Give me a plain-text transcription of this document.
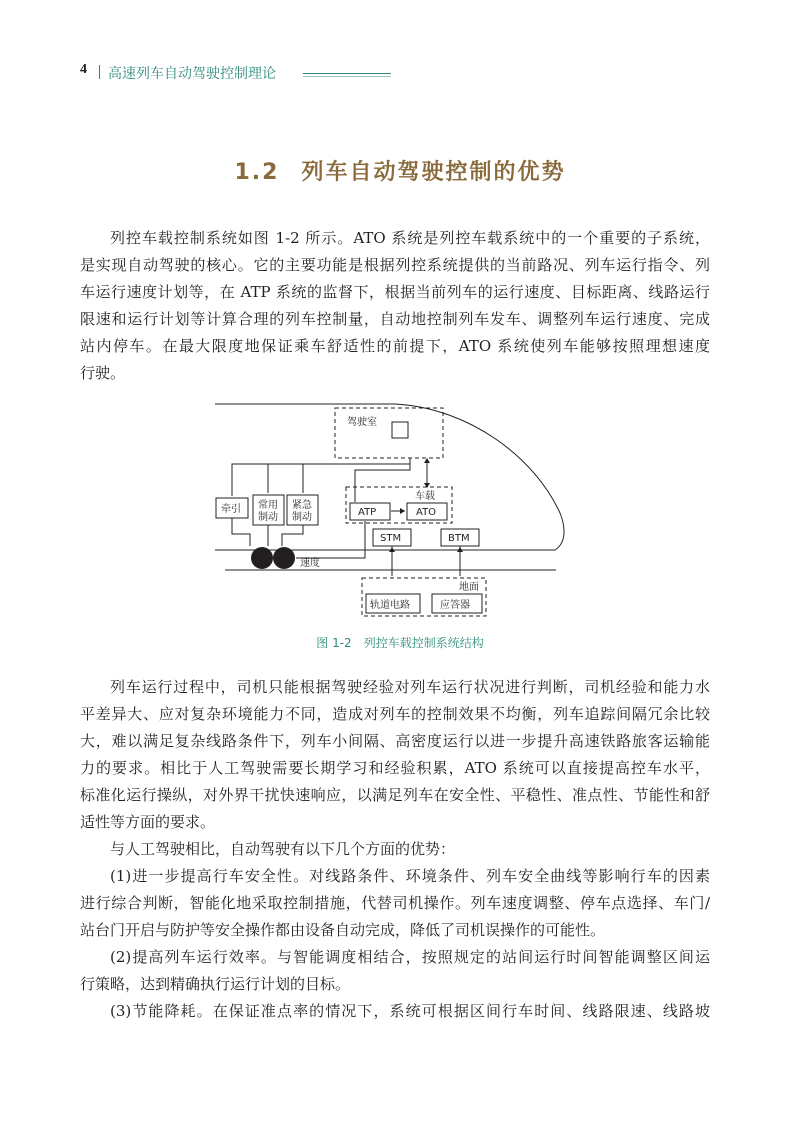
4 高速列车自动驾驶控制理论
1.2 列车自动驾驶控制的优势
列控车载控制系统如图 1-2 所示。ATO 系统是列控车载系统中的一个重要的子系统，
是实现自动驾驶的核心。它的主要功能是根据列控系统提供的当前路况、列车运行指令、列
车运行速度计划等，在 ATP 系统的监督下，根据当前列车的运行速度、目标距离、线路运行
限速和运行计划等计算合理的列车控制量，自动地控制列车发车、调整列车运行速度、完成
站内停车。在最大限度地保证乘车舒适性的前提下，ATO 系统使列车能够按照理想速度
行驶。
驾驶室
车载
ATP	ATO
STM	BTM
牵引 常用
制动
紧急
制动
速度
地面
轨道电路	应答器
图 1-2　列控车载控制系统结构
列车运行过程中，司机只能根据驾驶经验对列车运行状况进行判断，司机经验和能力水
平差异大、应对复杂环境能力不同，造成对列车的控制效果不均衡，列车追踪间隔冗余比较
大，难以满足复杂线路条件下，列车小间隔、高密度运行以进一步提升高速铁路旅客运输能
力的要求。相比于人工驾驶需要长期学习和经验积累，ATO 系统可以直接提高控车水平，
标准化运行操纵，对外界干扰快速响应，以满足列车在安全性、平稳性、准点性、节能性和舒
适性等方面的要求。
与人工驾驶相比，自动驾驶有以下几个方面的优势：
(1)进一步提高行车安全性。对线路条件、环境条件、列车安全曲线等影响行车的因素
进行综合判断，智能化地采取控制措施，代替司机操作。列车速度调整、停车点选择、车门/
站台门开启与防护等安全操作都由设备自动完成，降低了司机误操作的可能性。
(2)提高列车运行效率。与智能调度相结合，按照规定的站间运行时间智能调整区间运
行策略，达到精确执行运行计划的目标。
(3)节能降耗。在保证准点率的情况下，系统可根据区间行车时间、线路限速、线路坡
